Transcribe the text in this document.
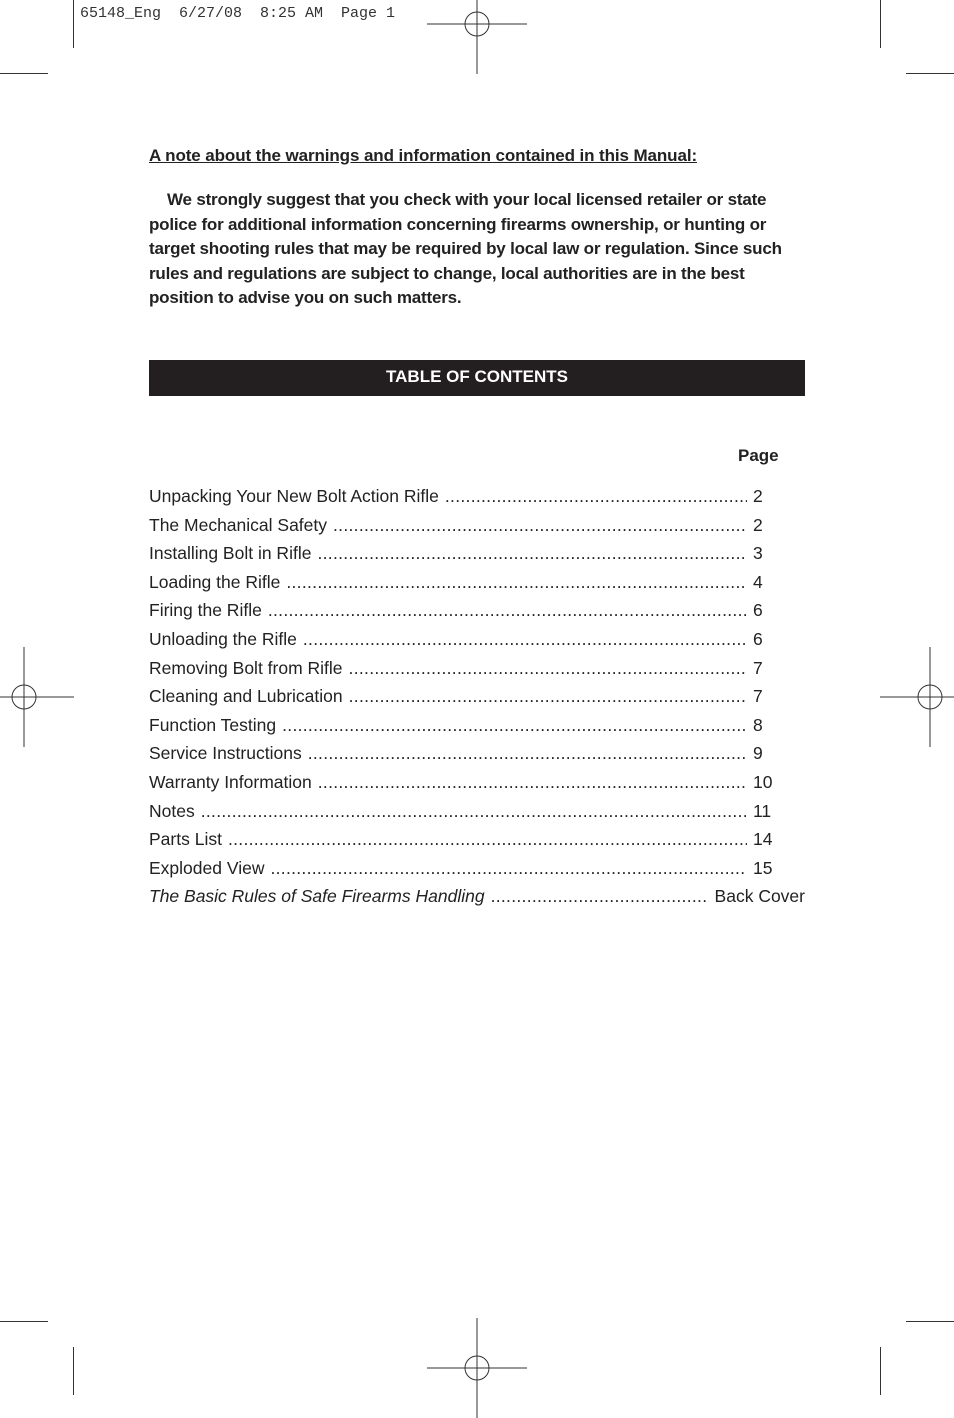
65148_Eng  6/27/08  8:25 AM  Page 1

A note about the warnings and information contained in this Manual:

We strongly suggest that you check with your local licensed retailer or state police for additional information concerning firearms ownership, or hunting or target shooting rules that may be required by local law or regulation. Since such rules and regulations are subject to change, local authorities are in the best position to advise you on such matters.

TABLE OF CONTENTS
Page
Unpacking Your New Bolt Action Rifle .....	2
The Mechanical Safety .....	2
Installing Bolt in Rifle .....	3
Loading the Rifle .....	4
Firing the Rifle .....	6
Unloading the Rifle .....	6
Removing Bolt from Rifle .....	7
Cleaning and Lubrication .....	7
Function Testing .....	8
Service Instructions .....	9
Warranty Information .....	10
Notes .....	11
Parts List .....	14
Exploded View .....	15
The Basic Rules of Safe Firearms Handling .....	Back Cover
